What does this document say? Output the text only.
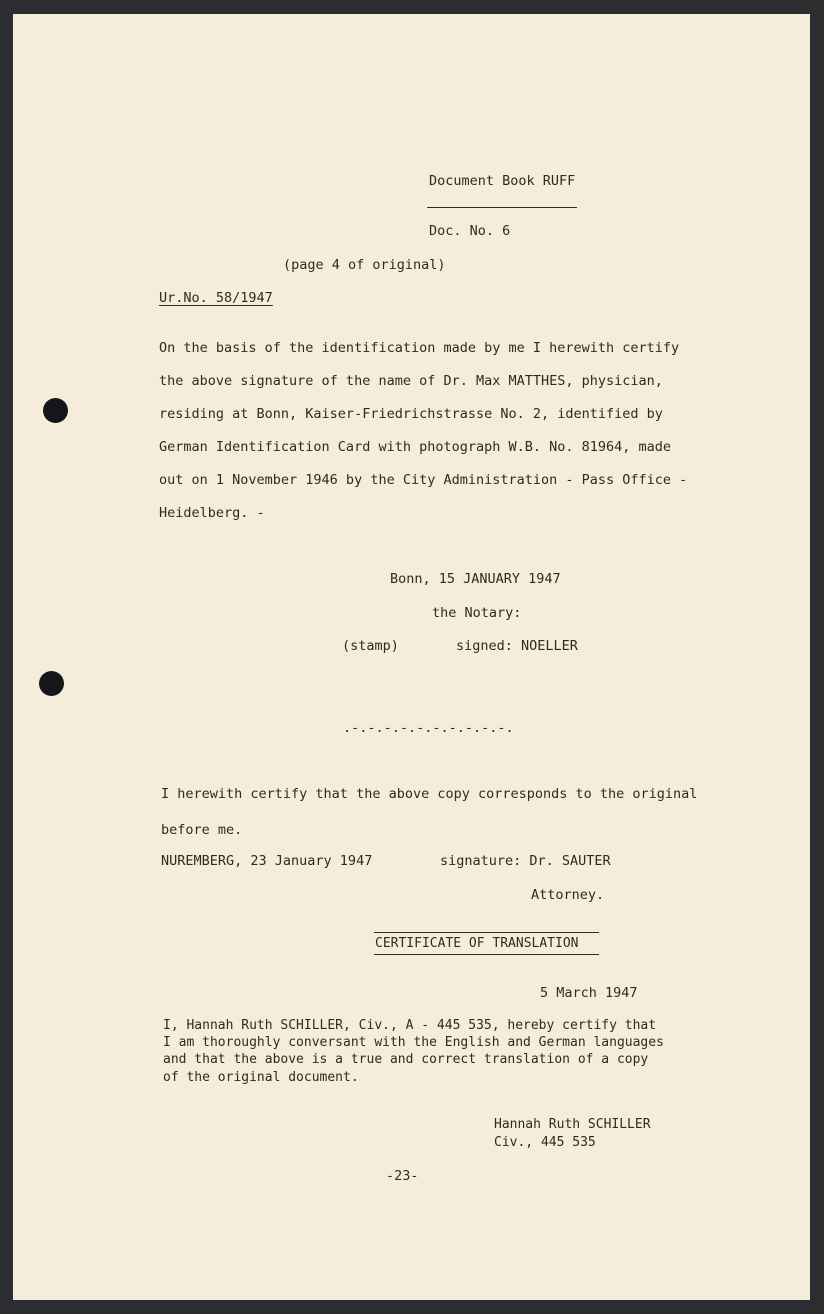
Document Book RUFF
Doc. No. 6
(page 4 of original)
Ur.No. 58/1947
On the basis of the identification made by me I herewith certify
the above signature of the name of Dr. Max MATTHES, physician,
residing at Bonn, Kaiser-Friedrichstrasse No. 2, identified by
German Identification Card with photograph W.B. No. 81964, made
out on 1 November 1946 by the City Administration - Pass Office -
Heidelberg. -
Bonn, 15 JANUARY 1947
the Notary:
(stamp)	signed: NOELLER
.-.-.-.-.-.-.-.-.-.-.
I herewith certify that the above copy corresponds to the original
before me.
NUREMBERG, 23 January 1947	signature: Dr. SAUTER
Attorney.
CERTIFICATE OF TRANSLATION
5 March 1947
I, Hannah Ruth SCHILLER, Civ., A - 445 535, hereby certify that
I am thoroughly conversant with the English and German languages
and that the above is a true and correct translation of a copy
of the original document.
Hannah Ruth SCHILLER
Civ., 445 535
-23-
